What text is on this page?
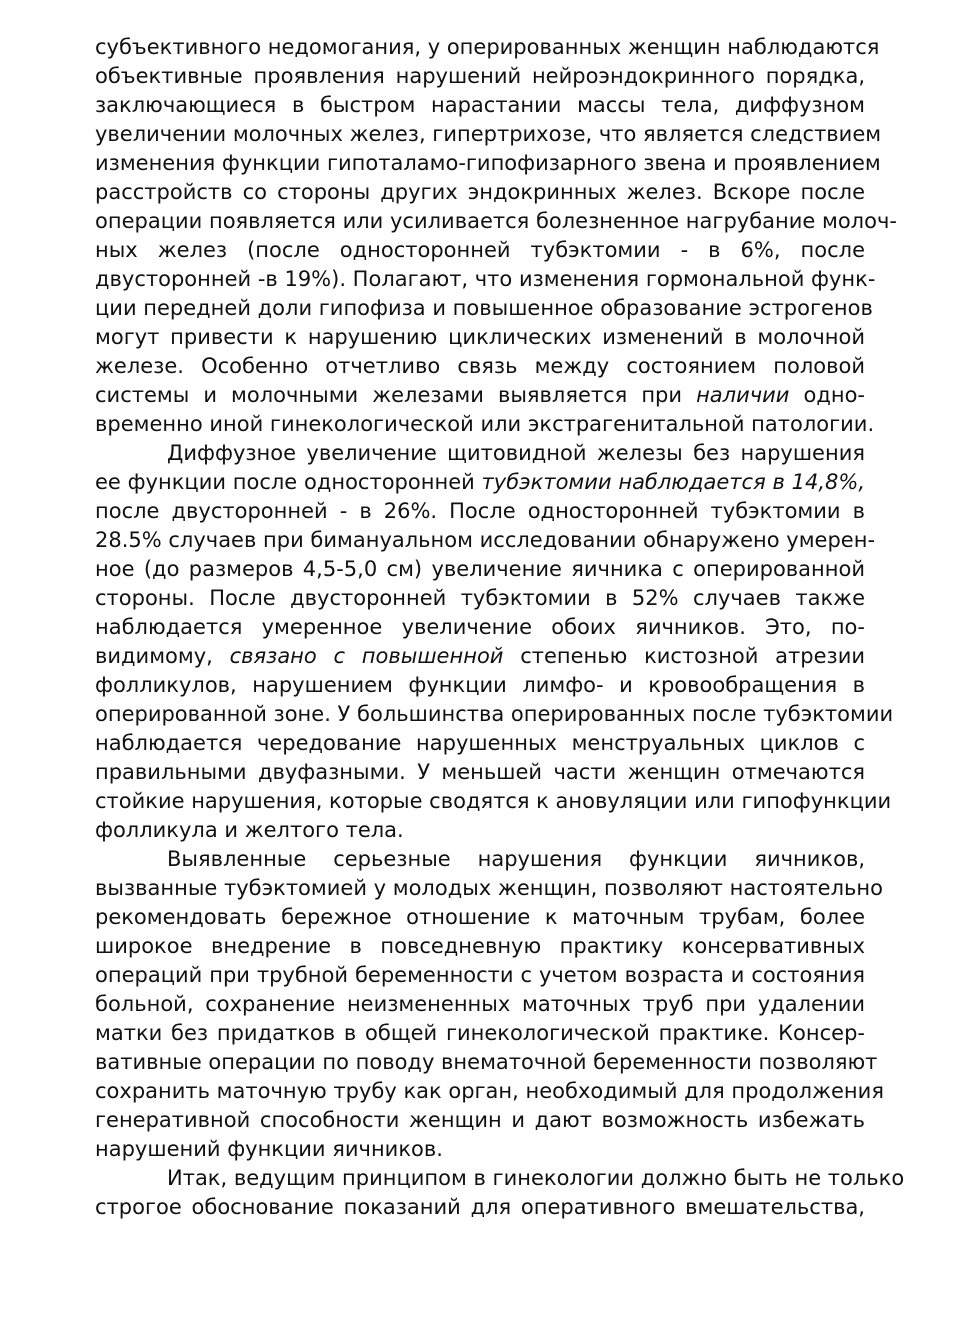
субъективного недомогания, у оперированных женщин наблюдаются
объективные проявления нарушений нейроэндокринного порядка,
заключающиеся в быстром нарастании массы тела, диффузном
увеличении молочных желез, гипертрихозе, что является следствием
изменения функции гипоталамо-гипофизарного звена и проявлением
расстройств со стороны других эндокринных желез. Вскоре после
операции появляется или усиливается болезненное нагрубание молоч-
ных желез (после односторонней тубэктомии - в 6%, после
двусторонней -в 19%). Полагают, что изменения гормональной функ-
ции передней доли гипофиза и повышенное образование эстрогенов
могут привести к нарушению циклических изменений в молочной
железе. Особенно отчетливо связь между состоянием половой
системы и молочными железами выявляется при наличии одно-
временно иной гинекологической или экстрагенитальной патологии.
Диффузное увеличение щитовидной железы без нарушения
ее функции после односторонней тубэктомии наблюдается в 14,8%,
после двусторонней - в 26%. После односторонней тубэктомии в
28.5% случаев при бимануальном исследовании обнаружено умерен-
ное (до размеров 4,5-5,0 см) увеличение яичника с оперированной
стороны. После двусторонней тубэктомии в 52% случаев также
наблюдается умеренное увеличение обоих яичников. Это, по-
видимому, связано с повышенной степенью кистозной атрезии
фолликулов, нарушением функции лимфо- и кровообращения в
оперированной зоне. У большинства оперированных после тубэктомии
наблюдается чередование нарушенных менструальных циклов с
правильными двуфазными. У меньшей части женщин отмечаются
стойкие нарушения, которые сводятся к ановуляции или гипофункции
фолликула и желтого тела.
Выявленные серьезные нарушения функции яичников,
вызванные тубэктомией у молодых женщин, позволяют настоятельно
рекомендовать бережное отношение к маточным трубам, более
широкое внедрение в повседневную практику консервативных
операций при трубной беременности с учетом возраста и состояния
больной, сохранение неизмененных маточных труб при удалении
матки без придатков в общей гинекологической практике. Консер-
вативные операции по поводу внематочной беременности позволяют
сохранить маточную трубу как орган, необходимый для продолжения
генеративной способности женщин и дают возможность избежать
нарушений функции яичников.
Итак, ведущим принципом в гинекологии должно быть не только
строгое обоснование показаний для оперативного вмешательства,
